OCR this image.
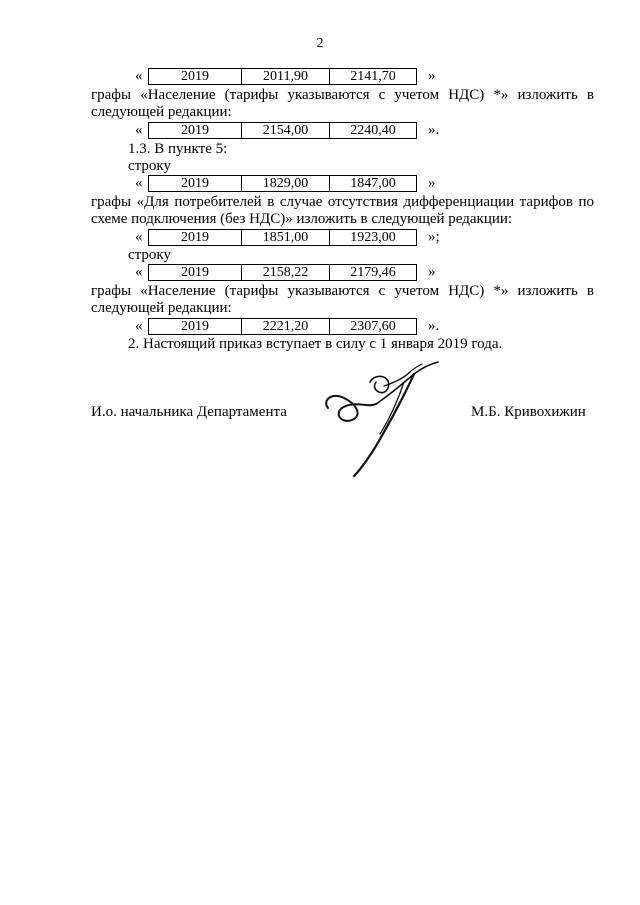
2
«	2019	2011,90	2141,70	»
графы «Население (тарифы указываются с учетом НДС) *» изложить в
следующей редакции:
«	2019	2154,00	2240,40	».
1.3. В пункте 5:
строку
«	2019	1829,00	1847,00	»
графы «Для потребителей в случае отсутствия дифференциации тарифов по
схеме подключения (без НДС)» изложить в следующей редакции:
«	2019	1851,00	1923,00	»;
строку
«	2019	2158,22	2179,46	»
графы «Население (тарифы указываются с учетом НДС) *» изложить в
следующей редакции:
«	2019	2221,20	2307,60	».
2. Настоящий приказ вступает в силу с 1 января 2019 года.
И.о. начальника Департамента	М.Б. Кривохижин
